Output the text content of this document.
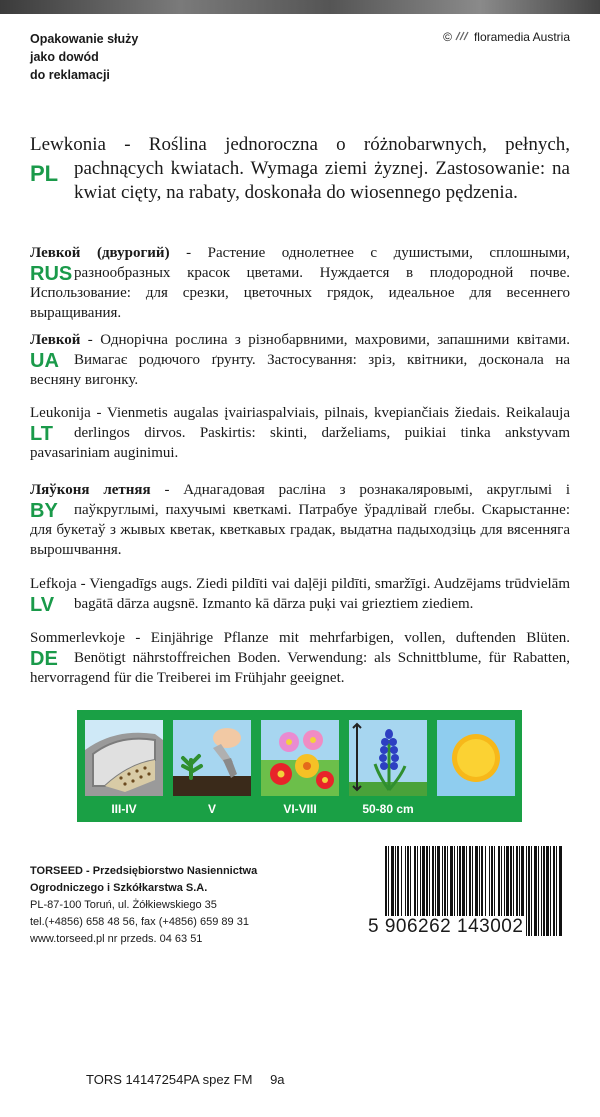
Opakowanie służy
jako dowód
do reklamacji
© floramedia Austria
PL
Lewkonia - Roślina jednoroczna o różnobarwnych, pełnych, pachnących kwiatach. Wymaga ziemi żyznej. Zastosowanie: na kwiat cięty, na rabaty, doskonała do wiosennego pędzenia.
RUS
Левкой (двурогий) - Растение однолетнее с душистыми, сплошными, разнообразных красок цветами. Нуждается в плодородной почве. Использование: для срезки, цветочных грядок, идеальное для весеннего выращивания.
UA
Левкой - Однорічна рослина з різнобарвними, махровими, запашними квітами. Вимагає родючого ґрунту. Застосування: зріз, квітники, досконала на весняну вигонку.
LT
Leukonija - Vienmetis augalas įvairiaspalviais, pilnais, kvepiančiais žiedais. Reikalauja derlingos dirvos. Paskirtis: skinti, darželiams, puikiai tinka ankstyvam pavasariniam auginimui.
BY
Ляўконя летняя - Аднагадовая расліна з рознакаляровымі, акруглымі і паўкруглымі, пахучымі кветкамі. Патрабуе ўрадлівай глебы. Скарыстанне: для букетаў з жывых кветак, кветкавых градак, выдатна падыходзіць для вясенняга вырошчвання.
LV
Lefkoja - Viengadīgs augs. Ziedi pildīti vai daļēji pildīti, smaržīgi. Audzējams trūdvielām bagātā dārza augsnē. Izmanto kā dārza puķi vai grieztiem ziediem.
DE
Sommerlevkoje - Einjährige Pflanze mit mehrfarbigen, vollen, duftenden Blüten. Benötigt nährstoffreichen Boden. Verwendung: als Schnittblume, für Rabatten, hervorragend für die Treiberei im Frühjahr geeignet.
III-IV	V	VI-VIII	50-80 cm
TORSEED - Przedsiębiorstwo Nasiennictwa
Ogrodniczego i Szkółkarstwa S.A.
PL-87-100 Toruń, ul. Żółkiewskiego 35
tel.(+4856) 658 48 56, fax (+4856) 659 89 31
www.torseed.pl nr przeds. 04 63 51
5 906262 143002
TORS 14147254PA spez FM 9a
